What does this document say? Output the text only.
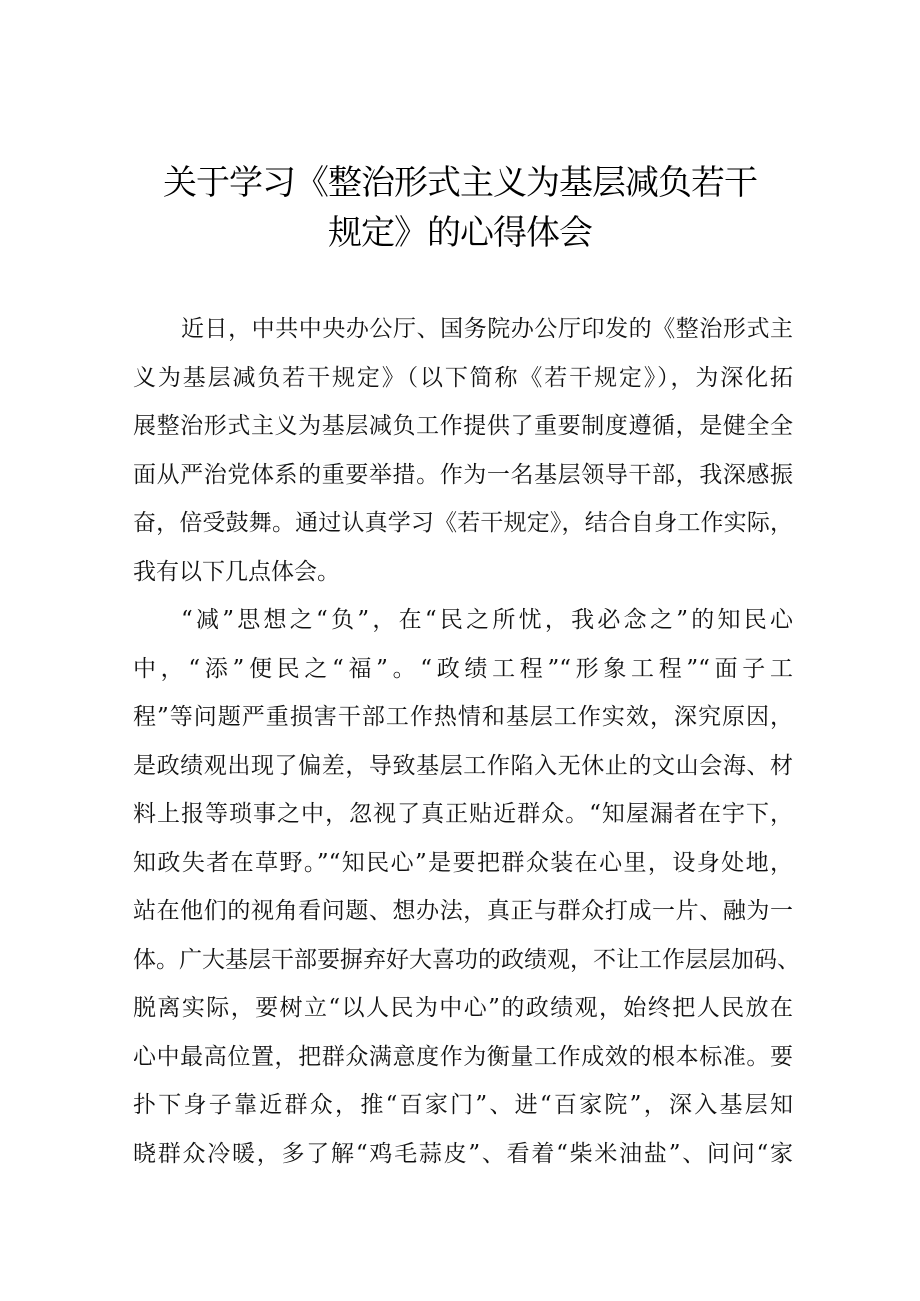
关于学习《整治形式主义为基层减负若干
规定》的心得体会
近日，中共中央办公厅、国务院办公厅印发的《整治形式主
义为基层减负若干规定》（以下简称《若干规定》），为深化拓
展整治形式主义为基层减负工作提供了重要制度遵循，是健全全
面从严治党体系的重要举措。作为一名基层领导干部，我深感振
奋，倍受鼓舞。通过认真学习《若干规定》，结合自身工作实际，
我有以下几点体会。
“减”思想之“负”，在“民之所忧，我必念之”的知民心
中，“添”便民之“福”。“政绩工程”“形象工程”“面子工
程”等问题严重损害干部工作热情和基层工作实效，深究原因，
是政绩观出现了偏差，导致基层工作陷入无休止的文山会海、材
料上报等琐事之中，忽视了真正贴近群众。“知屋漏者在宇下，
知政失者在草野。”“知民心”是要把群众装在心里，设身处地，
站在他们的视角看问题、想办法，真正与群众打成一片、融为一
体。广大基层干部要摒弃好大喜功的政绩观，不让工作层层加码、
脱离实际，要树立“以人民为中心”的政绩观，始终把人民放在
心中最高位置，把群众满意度作为衡量工作成效的根本标准。要
扑下身子靠近群众，推“百家门”、进“百家院”，深入基层知
晓群众冷暖，多了解“鸡毛蒜皮”、看着“柴米油盐”、问问“家
